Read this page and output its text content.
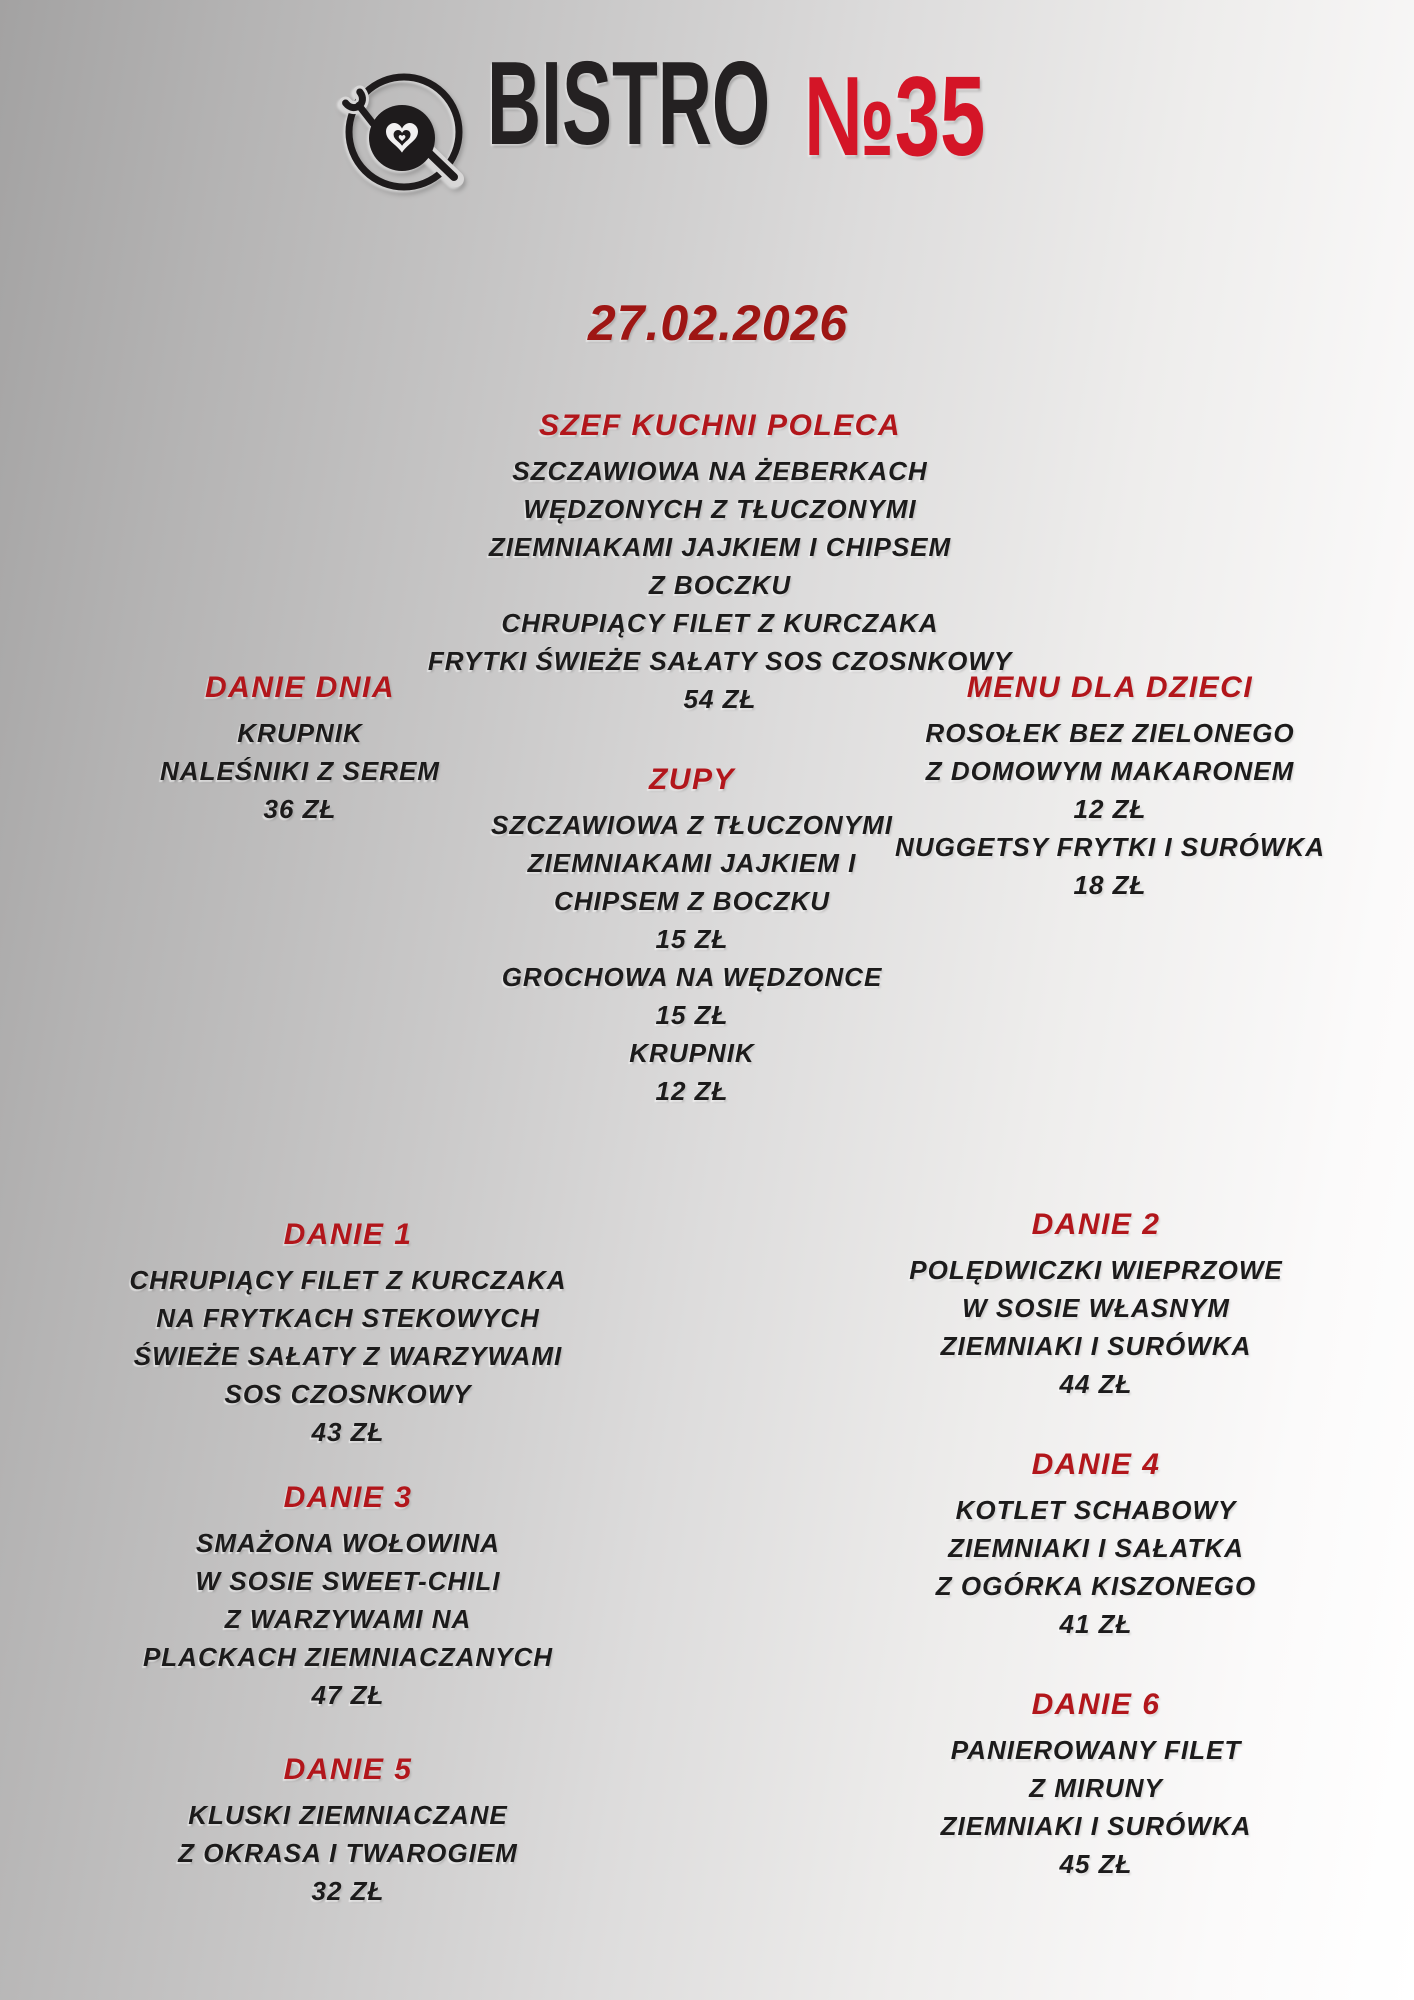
BISTRO №35
27.02.2026
SZEF KUCHNI POLECA
SZCZAWIOWA NA ŻEBERKACH
WĘDZONYCH Z TŁUCZONYMI
ZIEMNIAKAMI JAJKIEM I CHIPSEM
Z BOCZKU
CHRUPIĄCY FILET Z KURCZAKA
FRYTKI ŚWIEŻE SAŁATY SOS CZOSNKOWY
54 ZŁ
DANIE DNIA
KRUPNIK
NALEŚNIKI Z SEREM
36 ZŁ
MENU DLA DZIECI
ROSOŁEK BEZ ZIELONEGO
Z DOMOWYM MAKARONEM
12 ZŁ
NUGGETSY FRYTKI I SURÓWKA
18 ZŁ
ZUPY
SZCZAWIOWA Z TŁUCZONYMI
ZIEMNIAKAMI JAJKIEM I
CHIPSEM Z BOCZKU
15 ZŁ
GROCHOWA NA WĘDZONCE
15 ZŁ
KRUPNIK
12 ZŁ
DANIE 1
CHRUPIĄCY FILET Z KURCZAKA
NA FRYTKACH STEKOWYCH
ŚWIEŻE SAŁATY Z WARZYWAMI
SOS CZOSNKOWY
43 ZŁ
DANIE 2
POLĘDWICZKI WIEPRZOWE
W SOSIE WŁASNYM
ZIEMNIAKI I SURÓWKA
44 ZŁ
DANIE 3
SMAŻONA WOŁOWINA
W SOSIE SWEET-CHILI
Z WARZYWAMI NA
PLACKACH ZIEMNIACZANYCH
47 ZŁ
DANIE 4
KOTLET SCHABOWY
ZIEMNIAKI I SAŁATKA
Z OGÓRKA KISZONEGO
41 ZŁ
DANIE 5
KLUSKI ZIEMNIACZANE
Z OKRASA I TWAROGIEM
32 ZŁ
DANIE 6
PANIEROWANY FILET
Z MIRUNY
ZIEMNIAKI I SURÓWKA
45 ZŁ
